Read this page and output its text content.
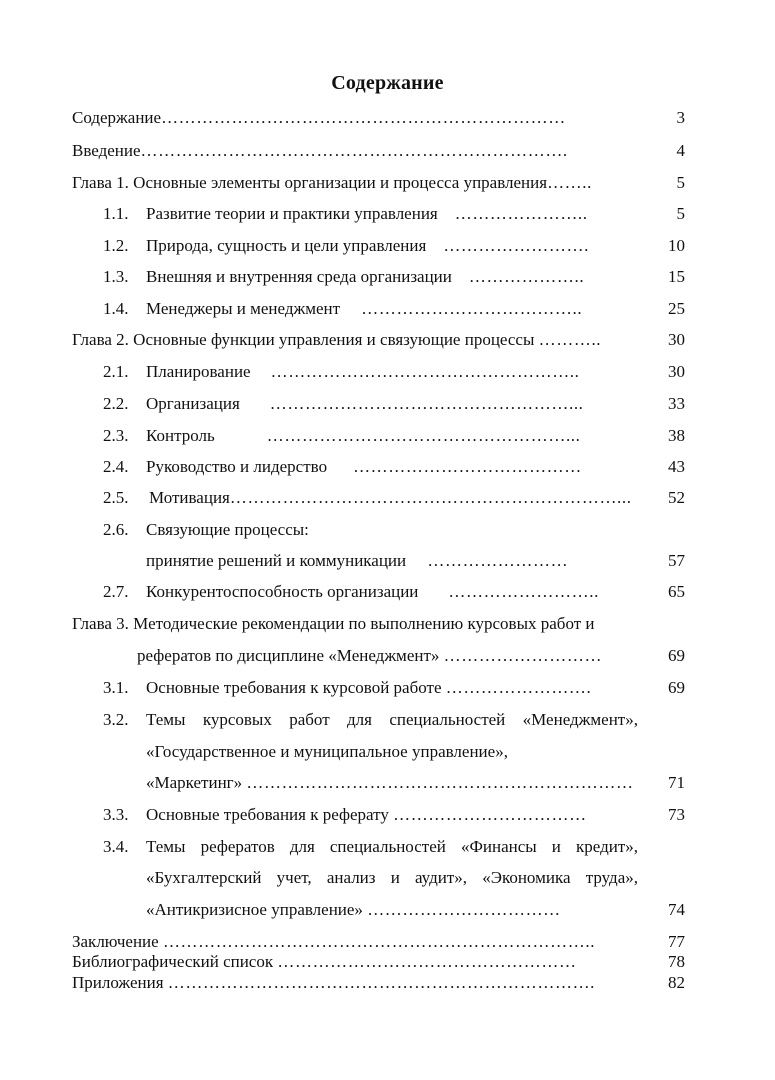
Содержание
Содержание……………………………………………………………	3
Введение……………………………………………………………….	4
Глава 1. Основные элементы организации и процесса управления……..	5
1.1. Развитие теории и практики управления …………………..	5
1.2. Природа, сущность и цели управления …………………….	10
1.3. Внешняя и внутренняя среда организации ………………..	15
1.4. Менеджеры и менеджмент ………………………………..	25
Глава 2. Основные функции управления и связующие процессы ………..	30
2.1. Планирование ……………………………………………..	30
2.2. Организация ……………………………………………...	33
2.3. Контроль	……………………………………………...	38
2.4. Руководство и лидерство …………………………………	43
2.5. Мотивация…………………………………………………………...	52
2.6. Связующие процессы:
принятие решений и коммуникации ……………………	57
2.7. Конкурентоспособность организации ……………………..	65
Глава 3. Методические рекомендации по выполнению курсовых работ и
рефератов по дисциплине «Менеджмент» ………………………	69
3.1. Основные требования к курсовой работе …………………….	69
3.2. Темы курсовых работ для специальностей «Менеджмент»,
«Государственное и муниципальное управление»,
«Маркетинг» …………………………………………………………	71
3.3. Основные требования к реферату ……………………………	73
3.4. Темы рефератов для специальностей «Финансы и кредит»,
«Бухгалтерский учет, анализ и аудит», «Экономика труда»,
«Антикризисное управление» ……………………………	74
Заключение ………………………………………………………………..	77
Библиографический список ……………………………………………	78
Приложения ……………………………………………………………….	82
